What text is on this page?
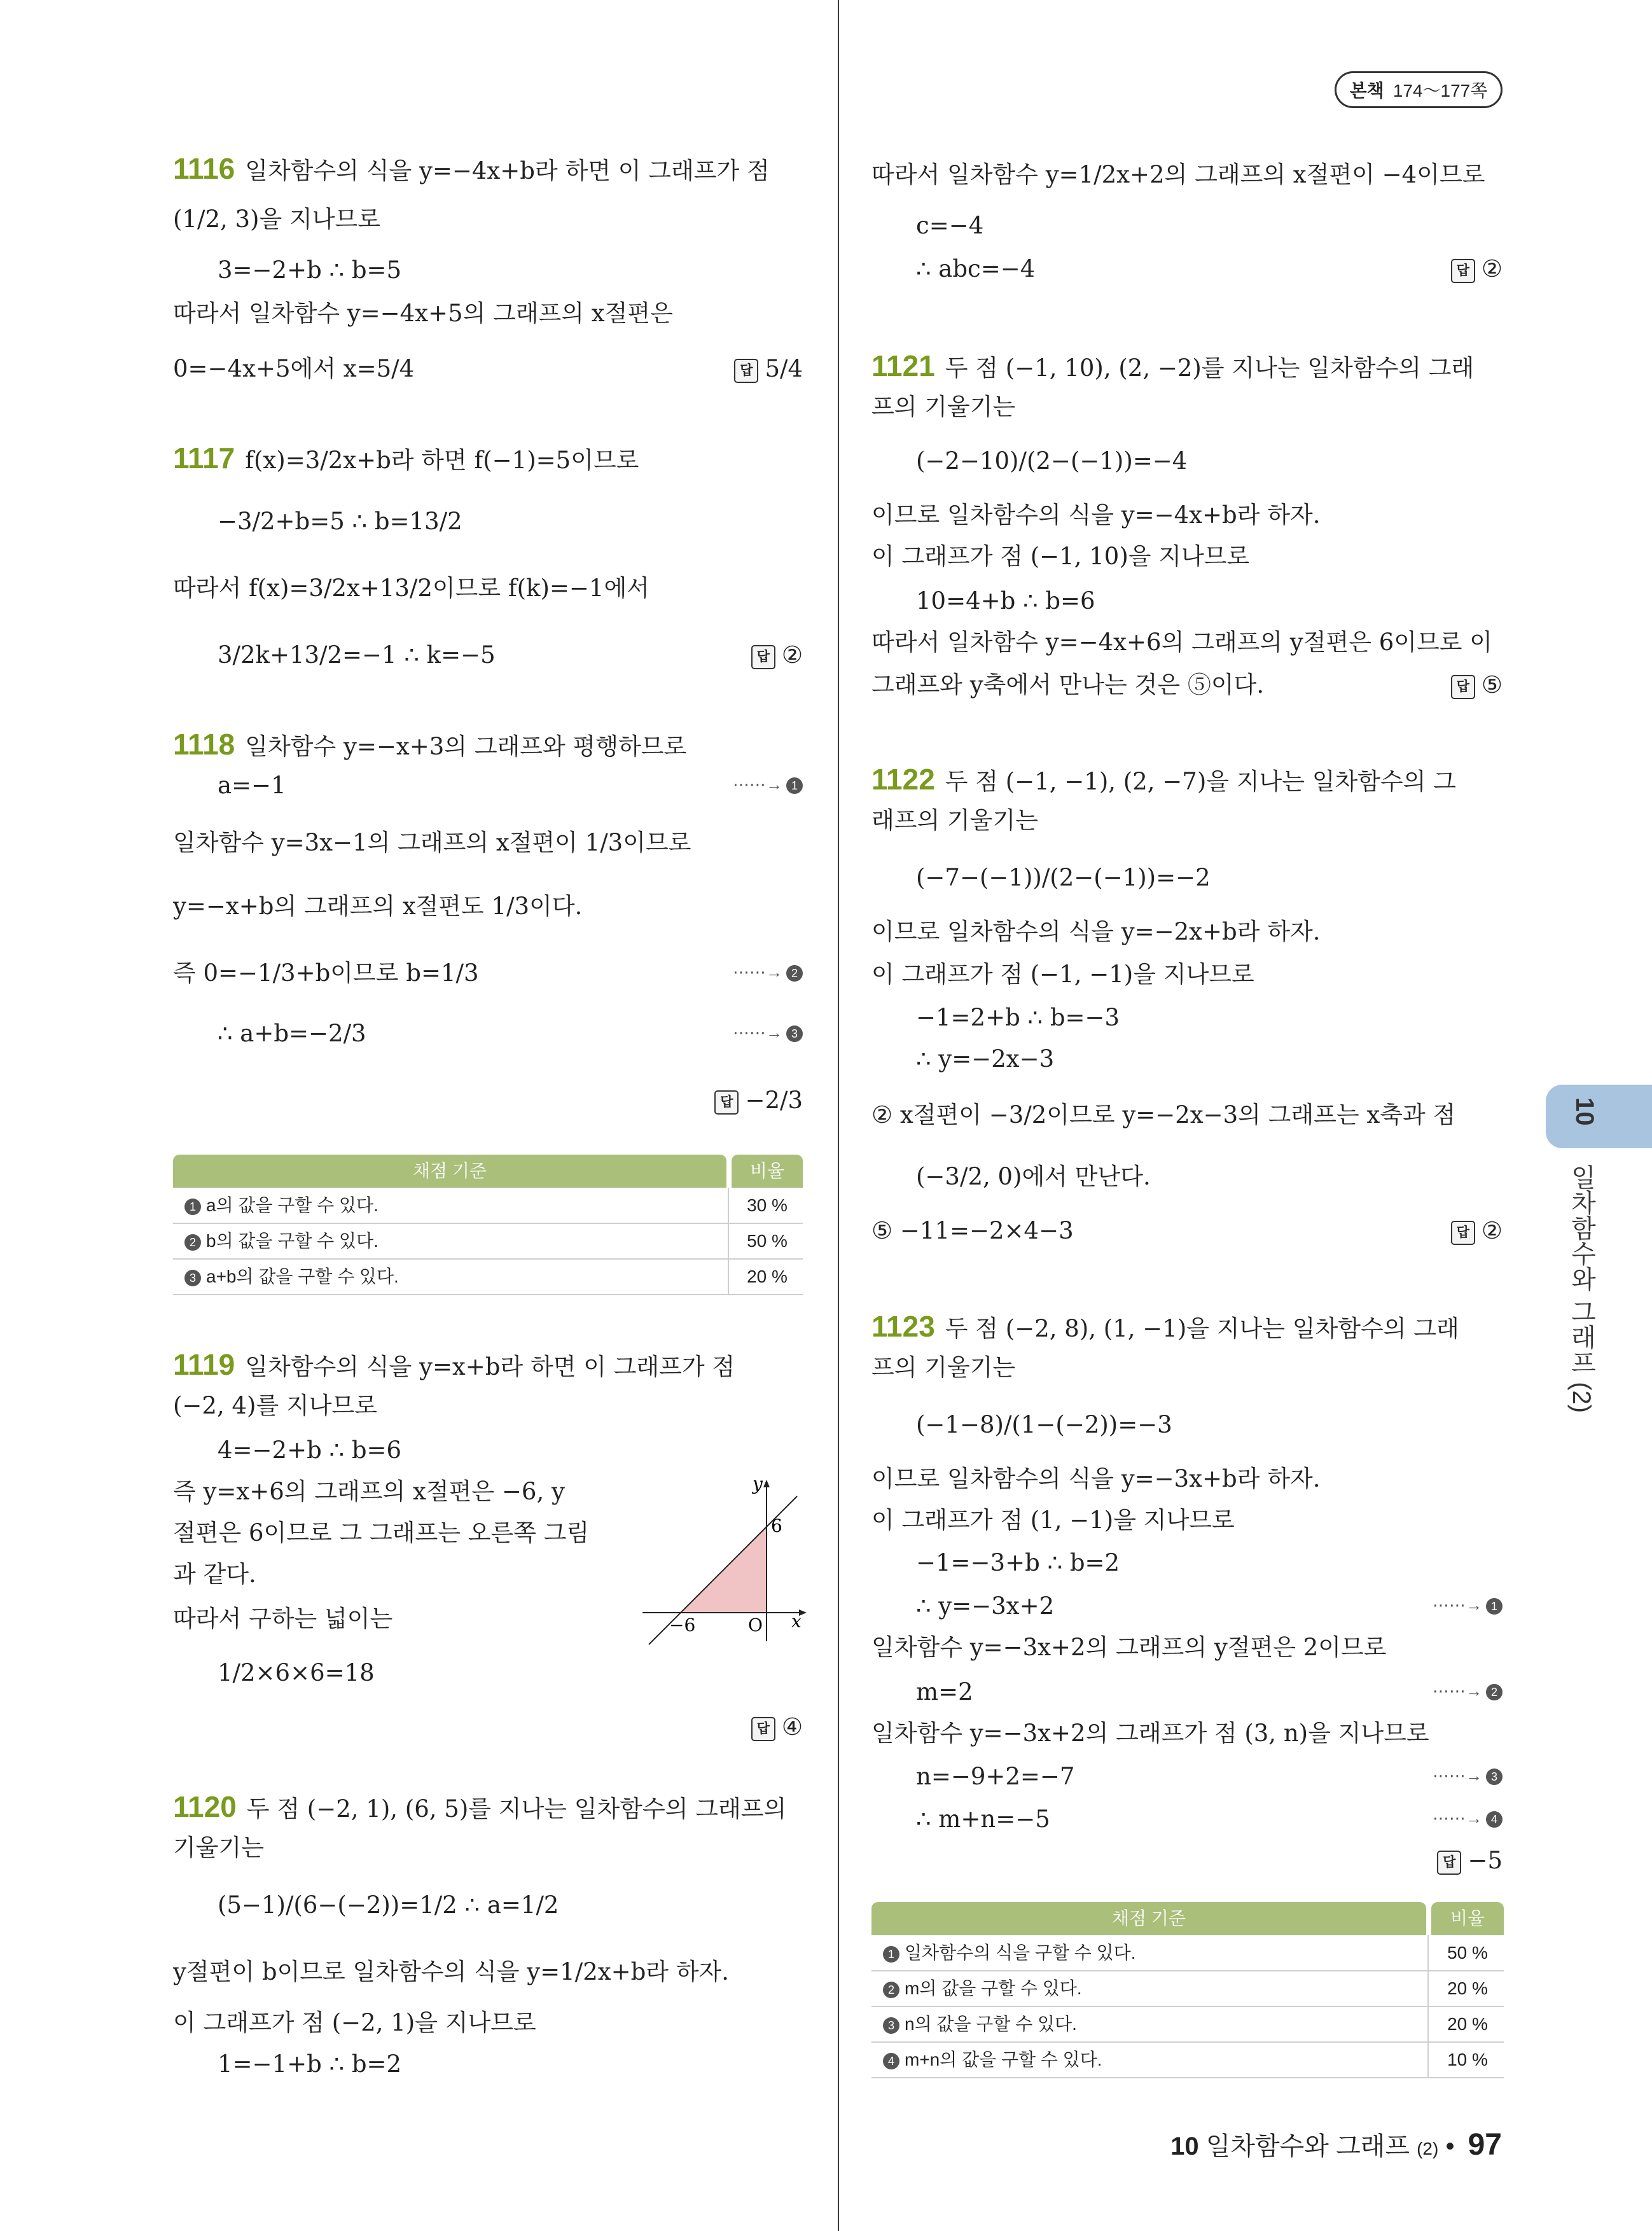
본책 174～177쪽
1116 일차함수의 식을 y=−4x+b라 하면 이 그래프가 점
(1/2, 3)을 지나므로
3=−2+b ∴ b=5
따라서 일차함수 y=−4x+5의 그래프의 x절편은
0=−4x+5에서 x=5/4
1117 f(x)=3/2x+b라 하면 f(−1)=5이므로
−3/2+b=5 ∴ b=13/2
따라서 f(x)=3/2x+13/2이므로 f(k)=−1에서
3/2k+13/2=−1 ∴ k=−5
1118 일차함수 y=−x+3의 그래프와 평행하므로
a=−1
일차함수 y=3x−1의 그래프의 x절편이 1/3이므로
y=−x+b의 그래프의 x절편도 1/3이다.
즉 0=−1/3+b이므로 b=1/3
∴ a+b=−2/3
1119 일차함수의 식을 y=x+b라 하면 이 그래프가 점
(−2, 4)를 지나므로
4=−2+b ∴ b=6
즉 y=x+6의 그래프의 x절편은 −6, y
절편은 6이므로 그 그래프는 오른쪽 그림
과 같다.
따라서 구하는 넓이는
1/2×6×6=18
1120 두 점 (−2, 1), (6, 5)를 지나는 일차함수의 그래프의
기울기는
(5−1)/(6−(−2))=1/2 ∴ a=1/2
y절편이 b이므로 일차함수의 식을 y=1/2x+b라 하자.
이 그래프가 점 (−2, 1)을 지나므로
1=−1+b ∴ b=2
답 5/4
답 ②
답 −2/3
답 ④
⋯⋯→ 1
⋯⋯→ 2
⋯⋯→ 3
따라서 일차함수 y=1/2x+2의 그래프의 x절편이 −4이므로
c=−4
∴ abc=−4
1121 두 점 (−1, 10), (2, −2)를 지나는 일차함수의 그래
프의 기울기는
(−2−10)/(2−(−1))=−4
이므로 일차함수의 식을 y=−4x+b라 하자.
이 그래프가 점 (−1, 10)을 지나므로
10=4+b ∴ b=6
따라서 일차함수 y=−4x+6의 그래프의 y절편은 6이므로 이
그래프와 y축에서 만나는 것은 ⑤이다.
1122 두 점 (−1, −1), (2, −7)을 지나는 일차함수의 그
래프의 기울기는
(−7−(−1))/(2−(−1))=−2
이므로 일차함수의 식을 y=−2x+b라 하자.
이 그래프가 점 (−1, −1)을 지나므로
−1=2+b ∴ b=−3
∴ y=−2x−3
② x절편이 −3/2이므로 y=−2x−3의 그래프는 x축과 점
(−3/2, 0)에서 만난다.
⑤ −11=−2×4−3
1123 두 점 (−2, 8), (1, −1)을 지나는 일차함수의 그래
프의 기울기는
(−1−8)/(1−(−2))=−3
이므로 일차함수의 식을 y=−3x+b라 하자.
이 그래프가 점 (1, −1)을 지나므로
−1=−3+b ∴ b=2
∴ y=−3x+2
일차함수 y=−3x+2의 그래프의 y절편은 2이므로
m=2
일차함수 y=−3x+2의 그래프가 점 (3, n)을 지나므로
n=−9+2=−7
∴ m+n=−5
답 ②
답 ⑤
답 ②
답 −5
⋯⋯→ 1
⋯⋯→ 2
⋯⋯→ 3
⋯⋯→ 4
채점 기준	비율
1 a의 값을 구할 수 있다.	30 %
2 b의 값을 구할 수 있다.	50 %
3 a+b의 값을 구할 수 있다.	20 %
y
x
O
−6
6
채점 기준	비율
1 일차함수의 식을 구할 수 있다.	50 %
2 m의 값을 구할 수 있다.	20 %
3 n의 값을 구할 수 있다.	20 %
4 m+n의 값을 구할 수 있다.	10 %
10
일차함수와 그래프 (2)
10 일차함수와 그래프 (2) • 97
